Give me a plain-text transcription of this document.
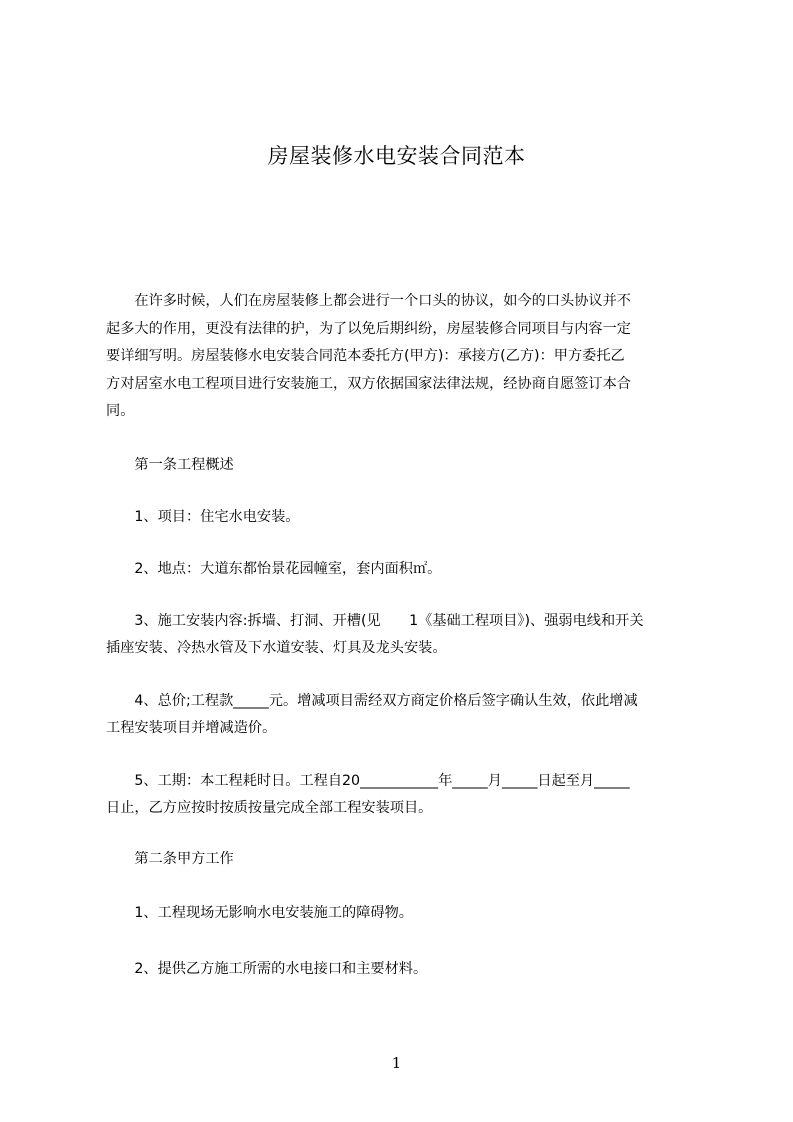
房屋装修水电安装合同范本
　　在许多时候，人们在房屋装修上都会进行一个口头的协议，如今的口头协议并不
起多大的作用，更没有法律的护，为了以免后期纠纷，房屋装修合同项目与内容一定
要详细写明。房屋装修水电安装合同范本委托方(甲方)：承接方(乙方)：甲方委托乙
方对居室水电工程项目进行安装施工，双方依据国家法律法规，经协商自愿签订本合
同。
　　第一条工程概述
　　1、项目：住宅水电安装。
　　2、地点：大道东都怡景花园幢室，套内面积㎡。
　　3、施工安装内容:拆墙、打洞、开槽(见　　1《基础工程项目》)、强弱电线和开关
插座安装、冷热水管及下水道安装、灯具及龙头安装。
　　4、总价;工程款_____元。增减项目需经双方商定价格后签字确认生效，依此增减
工程安装项目并增减造价。
　　5、工期：本工程耗时日。工程自20___________年_____月_____日起至月_____
日止，乙方应按时按质按量完成全部工程安装项目。
　　第二条甲方工作
　　1、工程现场无影响水电安装施工的障碍物。
　　2、提供乙方施工所需的水电接口和主要材料。
1
